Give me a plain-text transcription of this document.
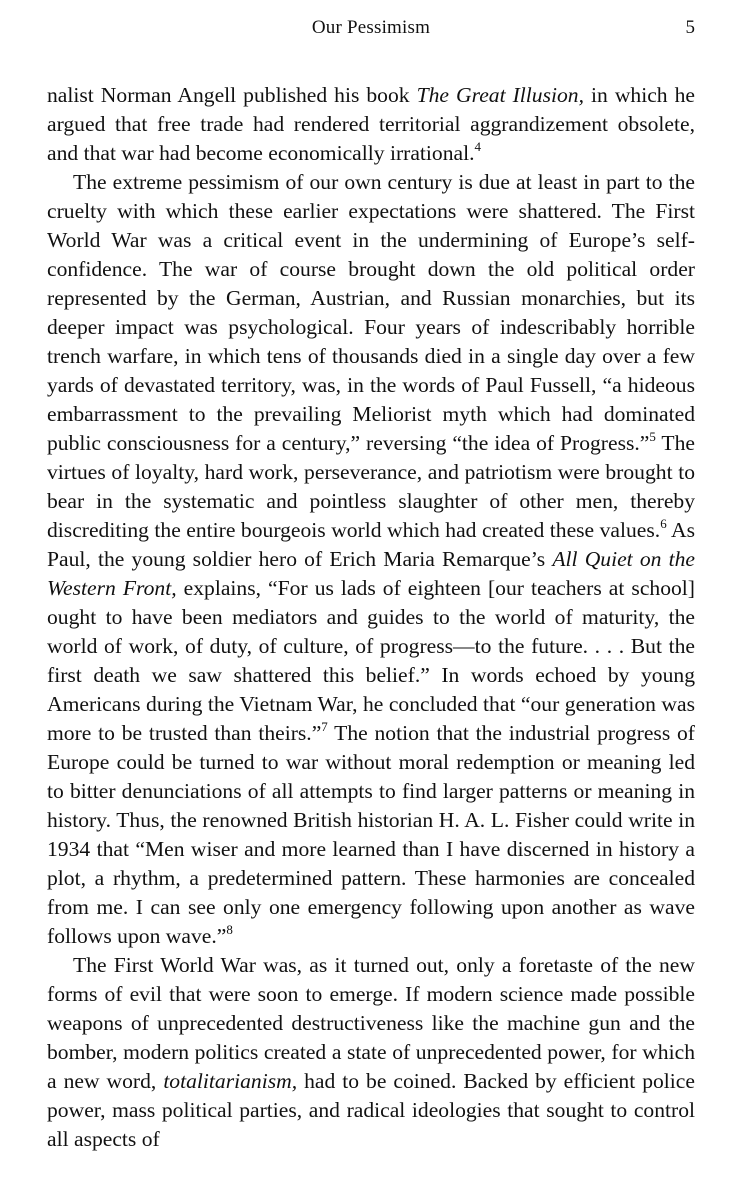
Our Pessimism	5

nalist Norman Angell published his book The Great Illusion, in which he argued that free trade had rendered territorial aggrandizement obsolete, and that war had become economically irrational.$^4$

The extreme pessimism of our own century is due at least in part to the cruelty with which these earlier expectations were shattered. The First World War was a critical event in the undermining of Europe’s self-confidence. The war of course brought down the old political order represented by the German, Austrian, and Russian monarchies, but its deeper impact was psychological. Four years of indescribably horrible trench warfare, in which tens of thousands died in a single day over a few yards of devastated territory, was, in the words of Paul Fussell, “a hideous embarrassment to the prevailing Meliorist myth which had dominated public consciousness for a century,” reversing “the idea of Progress.”$^5$ The virtues of loyalty, hard work, perseverance, and patriotism were brought to bear in the systematic and pointless slaughter of other men, thereby discrediting the entire bourgeois world which had created these values.$^6$ As Paul, the young soldier hero of Erich Maria Remarque’s All Quiet on the Western Front, explains, “For us lads of eighteen [our teachers at school] ought to have been mediators and guides to the world of maturity, the world of work, of duty, of culture, of progress—to the future. . . . But the first death we saw shattered this belief.” In words echoed by young Americans during the Vietnam War, he concluded that “our generation was more to be trusted than theirs.”$^7$ The notion that the industrial progress of Europe could be turned to war without moral redemption or meaning led to bitter denunciations of all attempts to find larger patterns or meaning in history. Thus, the renowned British historian H. A. L. Fisher could write in 1934 that “Men wiser and more learned than I have discerned in history a plot, a rhythm, a predetermined pattern. These harmonies are concealed from me. I can see only one emergency following upon another as wave follows upon wave.”$^8$

The First World War was, as it turned out, only a foretaste of the new forms of evil that were soon to emerge. If modern science made possible weapons of unprecedented destructiveness like the machine gun and the bomber, modern politics created a state of unprecedented power, for which a new word, totalitarianism, had to be coined. Backed by efficient police power, mass political parties, and radical ideologies that sought to control all aspects of
